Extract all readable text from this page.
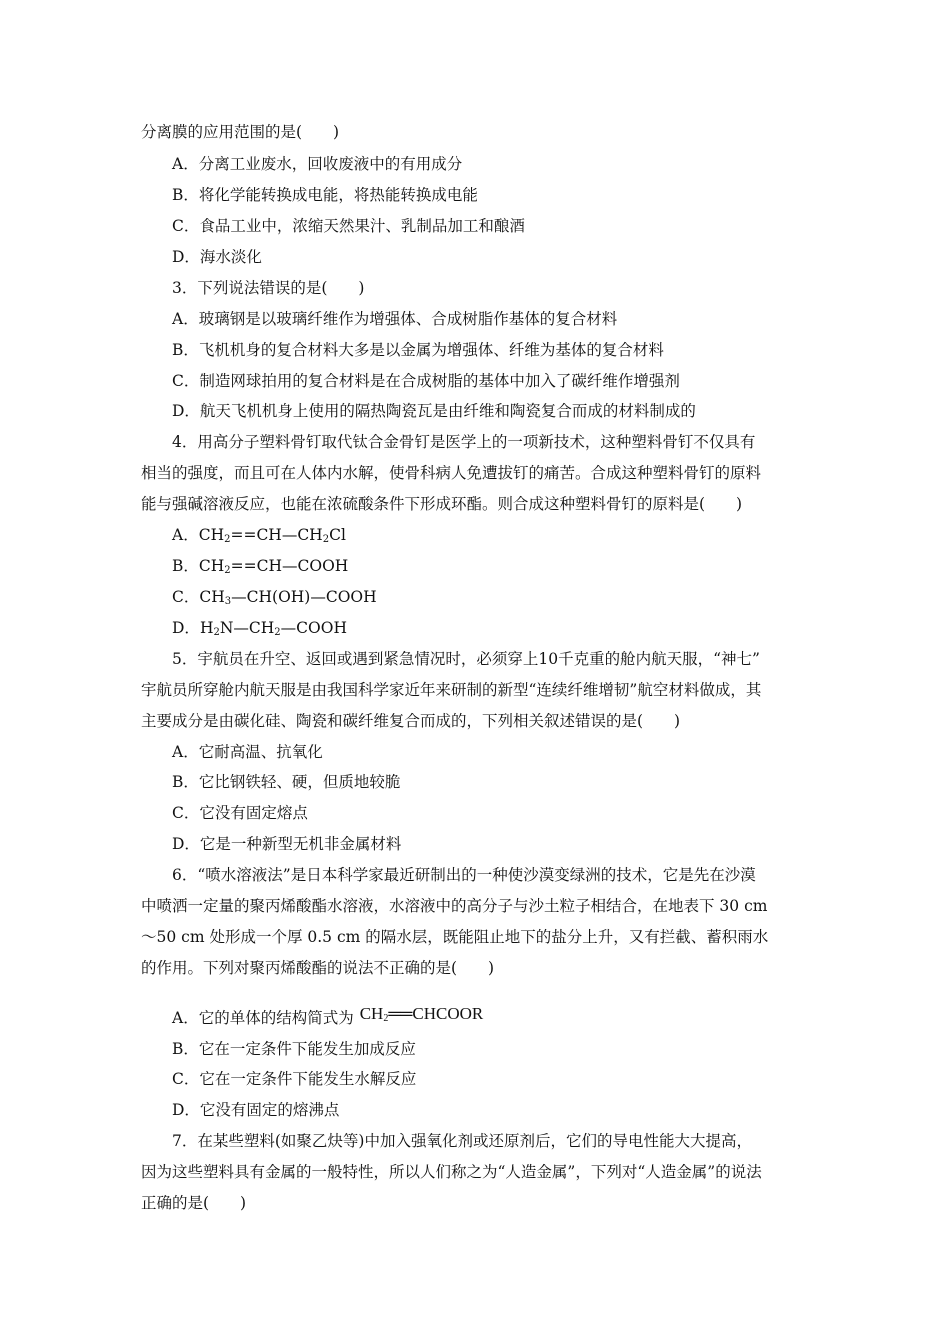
分离膜的应用范围的是(　　)
A．分离工业废水，回收废液中的有用成分
B．将化学能转换成电能，将热能转换成电能
C．食品工业中，浓缩天然果汁、乳制品加工和酿酒
D．海水淡化
3．下列说法错误的是(　　)
A．玻璃钢是以玻璃纤维作为增强体、合成树脂作基体的复合材料
B．飞机机身的复合材料大多是以金属为增强体、纤维为基体的复合材料
C．制造网球拍用的复合材料是在合成树脂的基体中加入了碳纤维作增强剂
D．航天飞机机身上使用的隔热陶瓷瓦是由纤维和陶瓷复合而成的材料制成的
4．用高分子塑料骨钉取代钛合金骨钉是医学上的一项新技术，这种塑料骨钉不仅具有
相当的强度，而且可在人体内水解，使骨科病人免遭拔钉的痛苦。合成这种塑料骨钉的原料
能与强碱溶液反应，也能在浓硫酸条件下形成环酯。则合成这种塑料骨钉的原料是(　　)
A．$CH_2==CH—CH_2Cl$
B．$CH_2==CH—COOH$
C．$CH_3—CH(OH)—COOH$
D．$H_2N—CH_2—COOH$
5．宇航员在升空、返回或遇到紧急情况时，必须穿上10千克重的舱内航天服，“神七”
宇航员所穿舱内航天服是由我国科学家近年来研制的新型“连续纤维增韧”航空材料做成，其
主要成分是由碳化硅、陶瓷和碳纤维复合而成的，下列相关叙述错误的是(　　)
A．它耐高温、抗氧化
B．它比钢铁轻、硬，但质地较脆
C．它没有固定熔点
D．它是一种新型无机非金属材料
6．“喷水溶液法”是日本科学家最近研制出的一种使沙漠变绿洲的技术，它是先在沙漠
中喷洒一定量的聚丙烯酸酯水溶液，水溶液中的高分子与沙土粒子相结合，在地表下 30 cm
～50 cm 处形成一个厚 0.5 cm 的隔水层，既能阻止地下的盐分上升，又有拦截、蓄积雨水
的作用。下列对聚丙烯酸酯的说法不正确的是(　　)
A．它的单体的结构简式为 $CH_2══CHCOOR$
B．它在一定条件下能发生加成反应
C．它在一定条件下能发生水解反应
D．它没有固定的熔沸点
7．在某些塑料(如聚乙炔等)中加入强氧化剂或还原剂后，它们的导电性能大大提高，
因为这些塑料具有金属的一般特性，所以人们称之为“人造金属”，下列对“人造金属”的说法
正确的是(　　)
